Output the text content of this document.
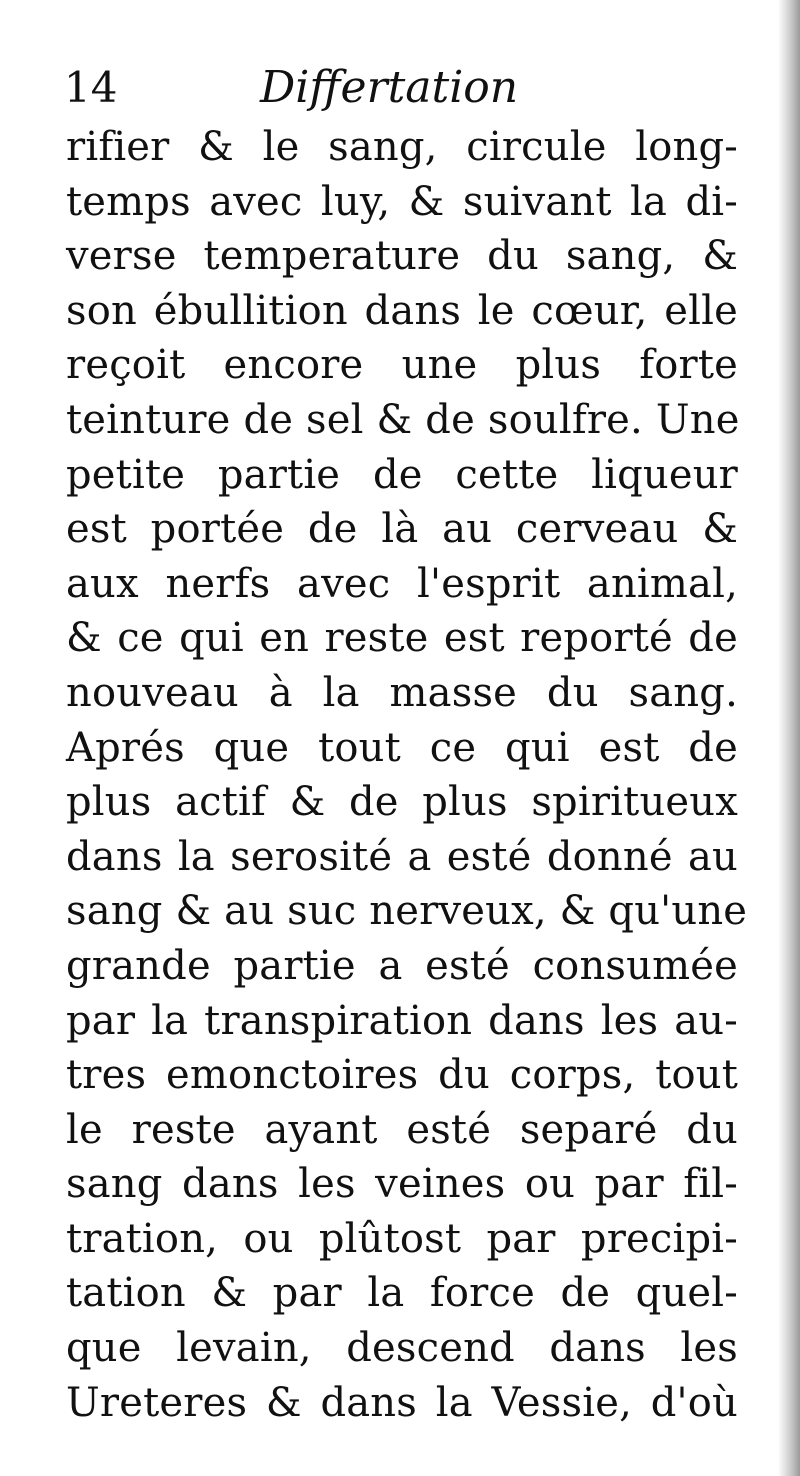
14	Differtation
rifier & le sang, circule long-
temps avec luy, & suivant la di-
verse temperature du sang, &
son ébullition dans le cœur, elle
reçoit encore une plus forte
teinture de sel & de soulfre. Une
petite partie de cette liqueur
est portée de là au cerveau &
aux nerfs avec l'esprit animal,
& ce qui en reste est reporté de
nouveau à la masse du sang.
Aprés que tout ce qui est de
plus actif & de plus spiritueux
dans la serosité a esté donné au
sang & au suc nerveux, & qu'une
grande partie a esté consumée
par la transpiration dans les au-
tres emonctoires du corps, tout
le reste ayant esté separé du
sang dans les veines ou par fil-
tration, ou plûtost par precipi-
tation & par la force de quel-
que levain, descend dans les
Ureteres & dans la Vessie, d'où
